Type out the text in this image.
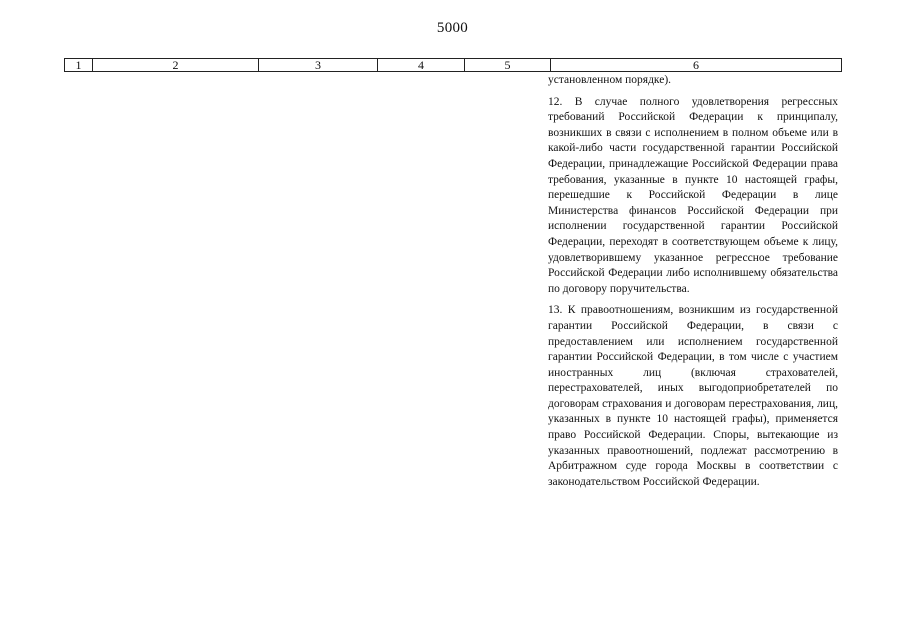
5000
1	2	3	4	5	6

установленном порядке).

12. В случае полного удовлетворения регрессных требований Российской Федерации к принципалу, возникших в связи с исполнением в полном объеме или в какой-либо части государственной гарантии Российской Федерации, принадлежащие Российской Федерации права требования, указанные в пункте 10 настоящей графы, перешедшие к Российской Федерации в лице Министерства финансов Российской Федерации при исполнении государственной гарантии Российской Федерации, переходят в соответствующем объеме к лицу, удовлетворившему указанное регрессное требование Российской Федерации либо исполнившему обязательства по договору поручительства.

13. К правоотношениям, возникшим из государственной гарантии Российской Федерации, в связи с предоставлением или исполнением государственной гарантии Российской Федерации, в том числе с участием иностранных лиц (включая страхователей, перестрахователей, иных выгодоприобретателей по договорам страхования и договорам перестрахования, лиц, указанных в пункте 10 настоящей графы), применяется право Российской Федерации. Споры, вытекающие из указанных правоотношений, подлежат рассмотрению в Арбитражном суде города Москвы в соответствии с законодательством Российской Федерации.
